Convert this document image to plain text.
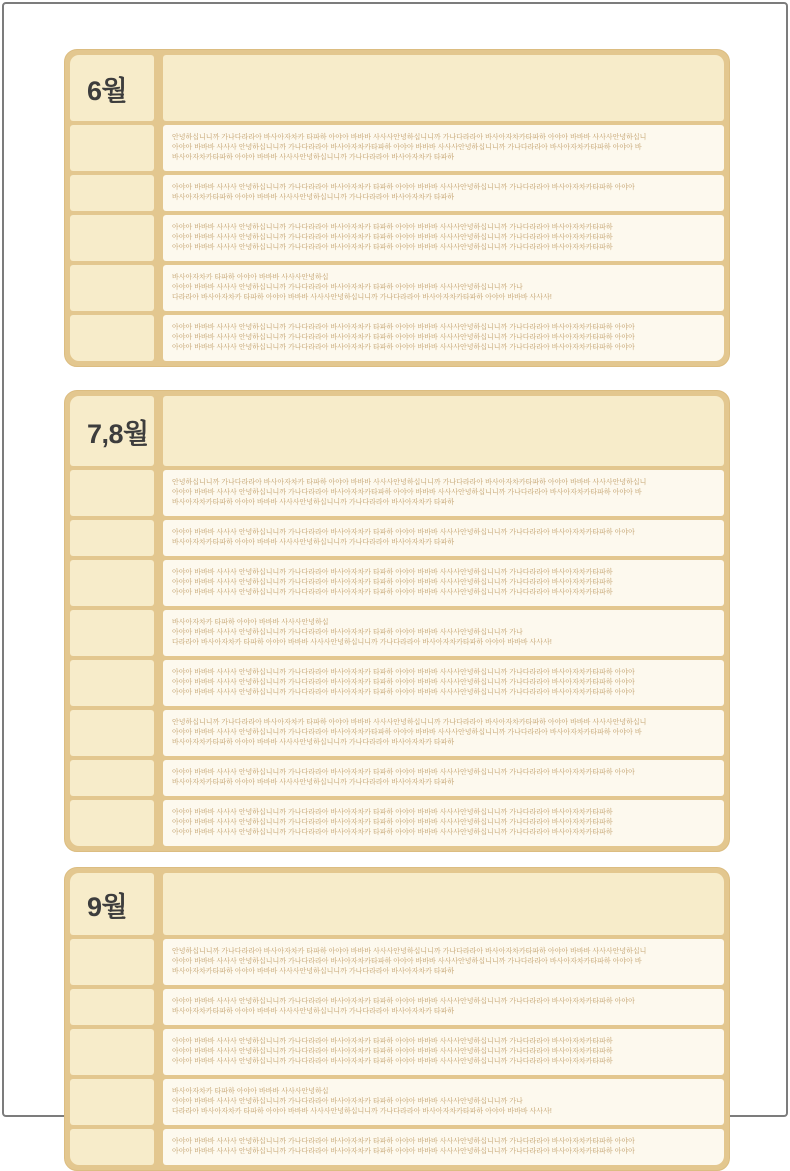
6월
안녕하십니니까 가나다라라아 바사아자차카 타파하 아야아 바바바 사사사안녕하십니니까 가나다라라아 바사아자차카타파하 아야아 바바바 사사사안녕하십니
아야아 바바바 사사사 안녕하십니니까 가나다라라아 바사아자차카타파하 아야아 바바바 사사사안녕하십니니까 가나다라라아 바사아자차카타파하 아야아 바
바사아자차카타파하 아야아 바바바 사사사안녕하십니니까 가나다라라아 바사아자차카 타파하
아야아 바바바 사사사 안녕하십니니까 가나다라라아 바사아자차카 타파하 아야아 바바바 사사사안녕하십니니까 가나다라라아 바사아자차카타파하 아야아
바사아자차카타파하 아야아 바바바 사사사안녕하십니니까 가나다라라아 바사아자차카 타파하
아야아 바바바 사사사 안녕하십니니까 가나다라라아 바사아자차카 타파하 아야아 바바바 사사사안녕하십니니까 가나다라라아 바사아자차카타파하
아야아 바바바 사사사 안녕하십니니까 가나다라라아 바사아자차카 타파하 아야아 바바바 사사사안녕하십니니까 가나다라라아 바사아자차카타파하
아야아 바바바 사사사 안녕하십니니까 가나다라라아 바사아자차카 타파하 아야아 바바바 사사사안녕하십니니까 가나다라라아 바사아자차카타파하
바사아자차카 타파하 아야아 바바바 사사사안녕하십
아야아 바바바 사사사 안녕하십니니까 가나다라라아 바사아자차카 타파하 아야아 바바바 사사사안녕하십니니까 가나
다라라아 바사아자차카 타파하 아야아 바바바 사사사안녕하십니니까 가나다라라아 바사아자차카타파하 아야아 바바바 사사사!
아야아 바바바 사사사 안녕하십니니까 가나다라라아 바사아자차카 타파하 아야아 바바바 사사사안녕하십니니까 가나다라라아 바사아자차카타파하 아야아
아야아 바바바 사사사 안녕하십니니까 가나다라라아 바사아자차카 타파하 아야아 바바바 사사사안녕하십니니까 가나다라라아 바사아자차카타파하 아야아
아야아 바바바 사사사 안녕하십니니까 가나다라라아 바사아자차카 타파하 아야아 바바바 사사사안녕하십니니까 가나다라라아 바사아자차카타파하 아야아
7,8월
안녕하십니니까 가나다라라아 바사아자차카 타파하 아야아 바바바 사사사안녕하십니니까 가나다라라아 바사아자차카타파하 아야아 바바바 사사사안녕하십니
아야아 바바바 사사사 안녕하십니니까 가나다라라아 바사아자차카타파하 아야아 바바바 사사사안녕하십니니까 가나다라라아 바사아자차카타파하 아야아 바
바사아자차카타파하 아야아 바바바 사사사안녕하십니니까 가나다라라아 바사아자차카 타파하
아야아 바바바 사사사 안녕하십니니까 가나다라라아 바사아자차카 타파하 아야아 바바바 사사사안녕하십니니까 가나다라라아 바사아자차카타파하 아야아
바사아자차카타파하 아야아 바바바 사사사안녕하십니니까 가나다라라아 바사아자차카 타파하
아야아 바바바 사사사 안녕하십니니까 가나다라라아 바사아자차카 타파하 아야아 바바바 사사사안녕하십니니까 가나다라라아 바사아자차카타파하
아야아 바바바 사사사 안녕하십니니까 가나다라라아 바사아자차카 타파하 아야아 바바바 사사사안녕하십니니까 가나다라라아 바사아자차카타파하
아야아 바바바 사사사 안녕하십니니까 가나다라라아 바사아자차카 타파하 아야아 바바바 사사사안녕하십니니까 가나다라라아 바사아자차카타파하
바사아자차카 타파하 아야아 바바바 사사사안녕하십
아야아 바바바 사사사 안녕하십니니까 가나다라라아 바사아자차카 타파하 아야아 바바바 사사사안녕하십니니까 가나
다라라아 바사아자차카 타파하 아야아 바바바 사사사안녕하십니니까 가나다라라아 바사아자차카타파하 아야아 바바바 사사사!
아야아 바바바 사사사 안녕하십니니까 가나다라라아 바사아자차카 타파하 아야아 바바바 사사사안녕하십니니까 가나다라라아 바사아자차카타파하 아야아
아야아 바바바 사사사 안녕하십니니까 가나다라라아 바사아자차카 타파하 아야아 바바바 사사사안녕하십니니까 가나다라라아 바사아자차카타파하 아야아
아야아 바바바 사사사 안녕하십니니까 가나다라라아 바사아자차카 타파하 아야아 바바바 사사사안녕하십니니까 가나다라라아 바사아자차카타파하 아야아
안녕하십니니까 가나다라라아 바사아자차카 타파하 아야아 바바바 사사사안녕하십니니까 가나다라라아 바사아자차카타파하 아야아 바바바 사사사안녕하십니
아야아 바바바 사사사 안녕하십니니까 가나다라라아 바사아자차카타파하 아야아 바바바 사사사안녕하십니니까 가나다라라아 바사아자차카타파하 아야아 바
바사아자차카타파하 아야아 바바바 사사사안녕하십니니까 가나다라라아 바사아자차카 타파하
아야아 바바바 사사사 안녕하십니니까 가나다라라아 바사아자차카 타파하 아야아 바바바 사사사안녕하십니니까 가나다라라아 바사아자차카타파하 아야아
바사아자차카타파하 아야아 바바바 사사사안녕하십니니까 가나다라라아 바사아자차카 타파하
아야아 바바바 사사사 안녕하십니니까 가나다라라아 바사아자차카 타파하 아야아 바바바 사사사안녕하십니니까 가나다라라아 바사아자차카타파하
아야아 바바바 사사사 안녕하십니니까 가나다라라아 바사아자차카 타파하 아야아 바바바 사사사안녕하십니니까 가나다라라아 바사아자차카타파하
아야아 바바바 사사사 안녕하십니니까 가나다라라아 바사아자차카 타파하 아야아 바바바 사사사안녕하십니니까 가나다라라아 바사아자차카타파하
9월
안녕하십니니까 가나다라라아 바사아자차카 타파하 아야아 바바바 사사사안녕하십니니까 가나다라라아 바사아자차카타파하 아야아 바바바 사사사안녕하십니
아야아 바바바 사사사 안녕하십니니까 가나다라라아 바사아자차카타파하 아야아 바바바 사사사안녕하십니니까 가나다라라아 바사아자차카타파하 아야아 바
바사아자차카타파하 아야아 바바바 사사사안녕하십니니까 가나다라라아 바사아자차카 타파하
아야아 바바바 사사사 안녕하십니니까 가나다라라아 바사아자차카 타파하 아야아 바바바 사사사안녕하십니니까 가나다라라아 바사아자차카타파하 아야아
바사아자차카타파하 아야아 바바바 사사사안녕하십니니까 가나다라라아 바사아자차카 타파하
아야아 바바바 사사사 안녕하십니니까 가나다라라아 바사아자차카 타파하 아야아 바바바 사사사안녕하십니니까 가나다라라아 바사아자차카타파하
아야아 바바바 사사사 안녕하십니니까 가나다라라아 바사아자차카 타파하 아야아 바바바 사사사안녕하십니니까 가나다라라아 바사아자차카타파하
아야아 바바바 사사사 안녕하십니니까 가나다라라아 바사아자차카 타파하 아야아 바바바 사사사안녕하십니니까 가나다라라아 바사아자차카타파하
바사아자차카 타파하 아야아 바바바 사사사안녕하십
아야아 바바바 사사사 안녕하십니니까 가나다라라아 바사아자차카 타파하 아야아 바바바 사사사안녕하십니니까 가나
다라라아 바사아자차카 타파하 아야아 바바바 사사사안녕하십니니까 가나다라라아 바사아자차카타파하 아야아 바바바 사사사!
아야아 바바바 사사사 안녕하십니니까 가나다라라아 바사아자차카 타파하 아야아 바바바 사사사안녕하십니니까 가나다라라아 바사아자차카타파하 아야아
아야아 바바바 사사사 안녕하십니니까 가나다라라아 바사아자차카 타파하 아야아 바바바 사사사안녕하십니니까 가나다라라아 바사아자차카타파하 아야아
